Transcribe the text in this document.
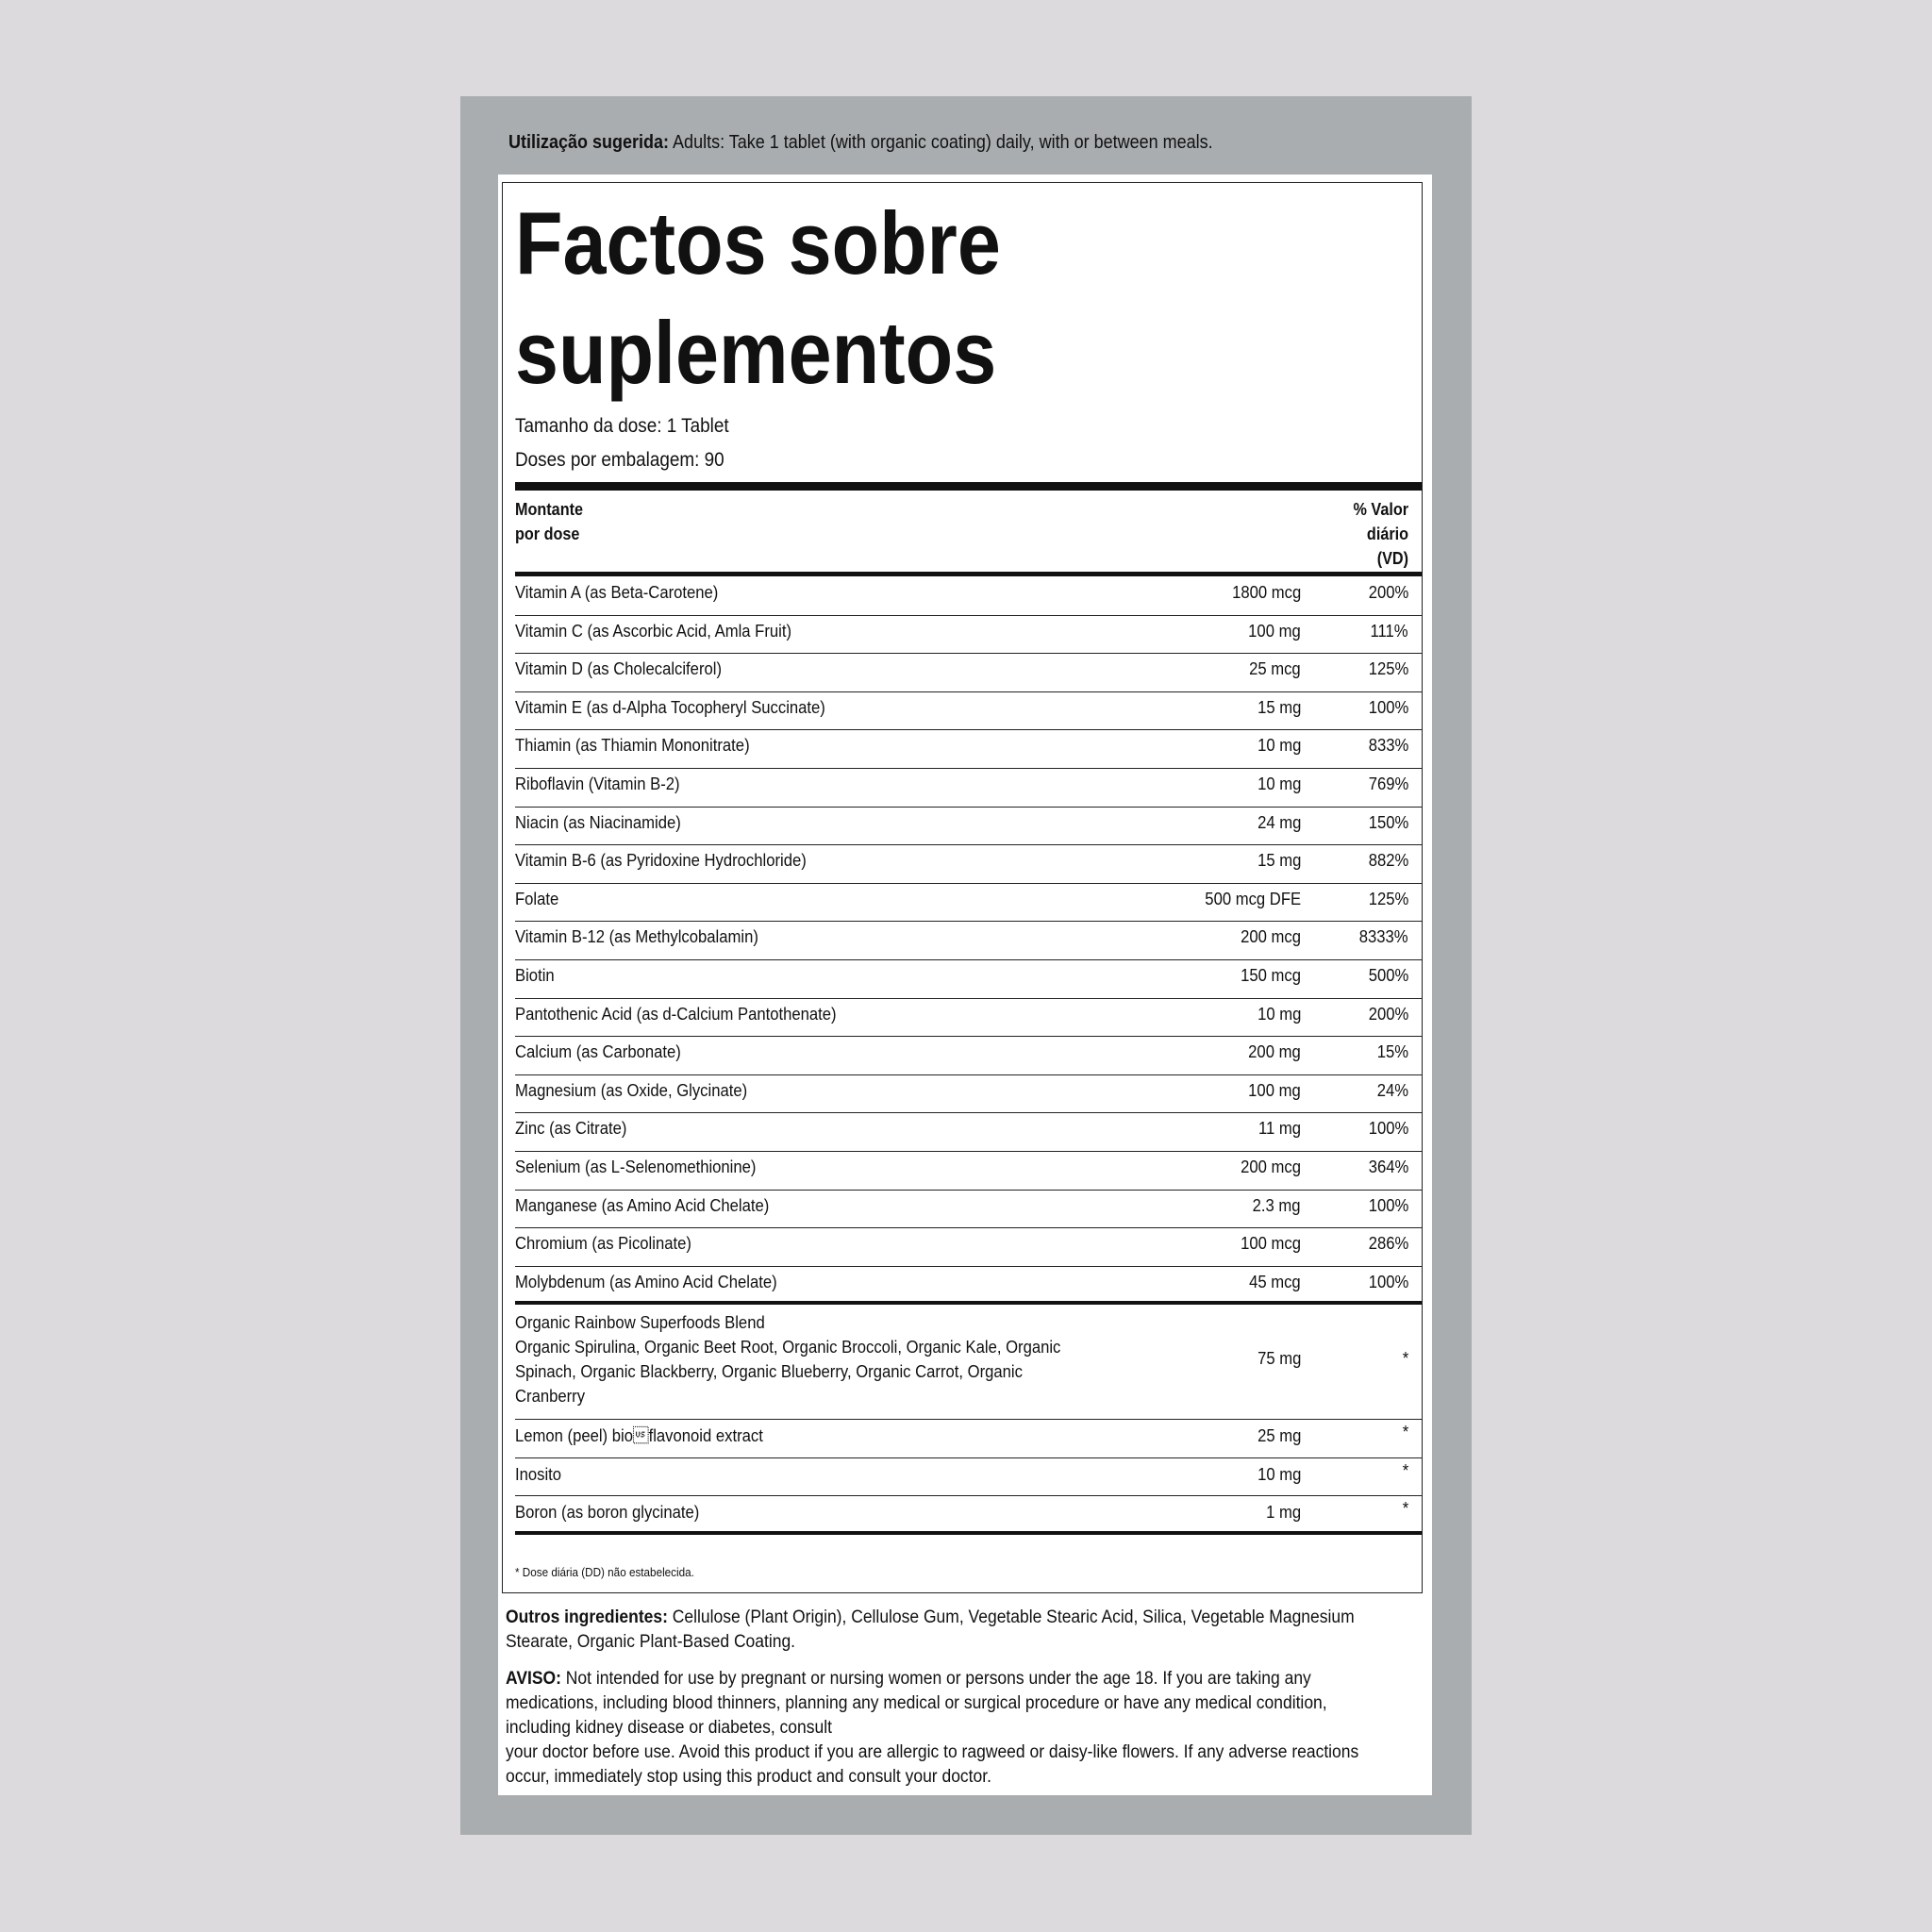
Utilização sugerida: Adults: Take 1 tablet (with organic coating) daily, with or between meals.
Factos sobre
suplementos
Tamanho da dose: 1 Tablet
Doses por embalagem: 90
Montante
por dose
% Valor
diário
(VD)
Vitamin A (as Beta-Carotene)	1800 mcg	200%
Vitamin C (as Ascorbic Acid, Amla Fruit)	100 mg	111%
Vitamin D (as Cholecalciferol)	25 mcg	125%
Vitamin E (as d-Alpha Tocopheryl Succinate)	15 mg	100%
Thiamin (as Thiamin Mononitrate)	10 mg	833%
Riboflavin (Vitamin B-2)	10 mg	769%
Niacin (as Niacinamide)	24 mg	150%
Vitamin B-6 (as Pyridoxine Hydrochloride)	15 mg	882%
Folate	500 mcg DFE	125%
Vitamin B-12 (as Methylcobalamin)	200 mcg	8333%
Biotin	150 mcg	500%
Pantothenic Acid (as d-Calcium Pantothenate)	10 mg	200%
Calcium (as Carbonate)	200 mg	15%
Magnesium (as Oxide, Glycinate)	100 mg	24%
Zinc (as Citrate)	11 mg	100%
Selenium (as L-Selenomethionine)	200 mcg	364%
Manganese (as Amino Acid Chelate)	2.3 mg	100%
Chromium (as Picolinate)	100 mcg	286%
Molybdenum (as Amino Acid Chelate)	45 mcg	100%
Organic Rainbow Superfoods Blend
Organic Spirulina, Organic Beet Root, Organic Broccoli, Organic Kale, Organic
Spinach, Organic Blackberry, Organic Blueberry, Organic Carrot, Organic
Cranberry
75 mg	*
Lemon (peel) bioflavonoid extract	25 mg	*
Inosito	10 mg	*
Boron (as boron glycinate)	1 mg	*
* Dose diária (DD) não estabelecida.
Outros ingredientes: Cellulose (Plant Origin), Cellulose Gum, Vegetable Stearic Acid, Silica, Vegetable Magnesium Stearate, Organic Plant-Based Coating.
AVISO: Not intended for use by pregnant or nursing women or persons under the age 18. If you are taking any medications, including blood thinners, planning any medical or surgical procedure or have any medical condition, including kidney disease or diabetes, consult
your doctor before use. Avoid this product if you are allergic to ragweed or daisy-like flowers. If any adverse reactions occur, immediately stop using this product and consult your doctor.
